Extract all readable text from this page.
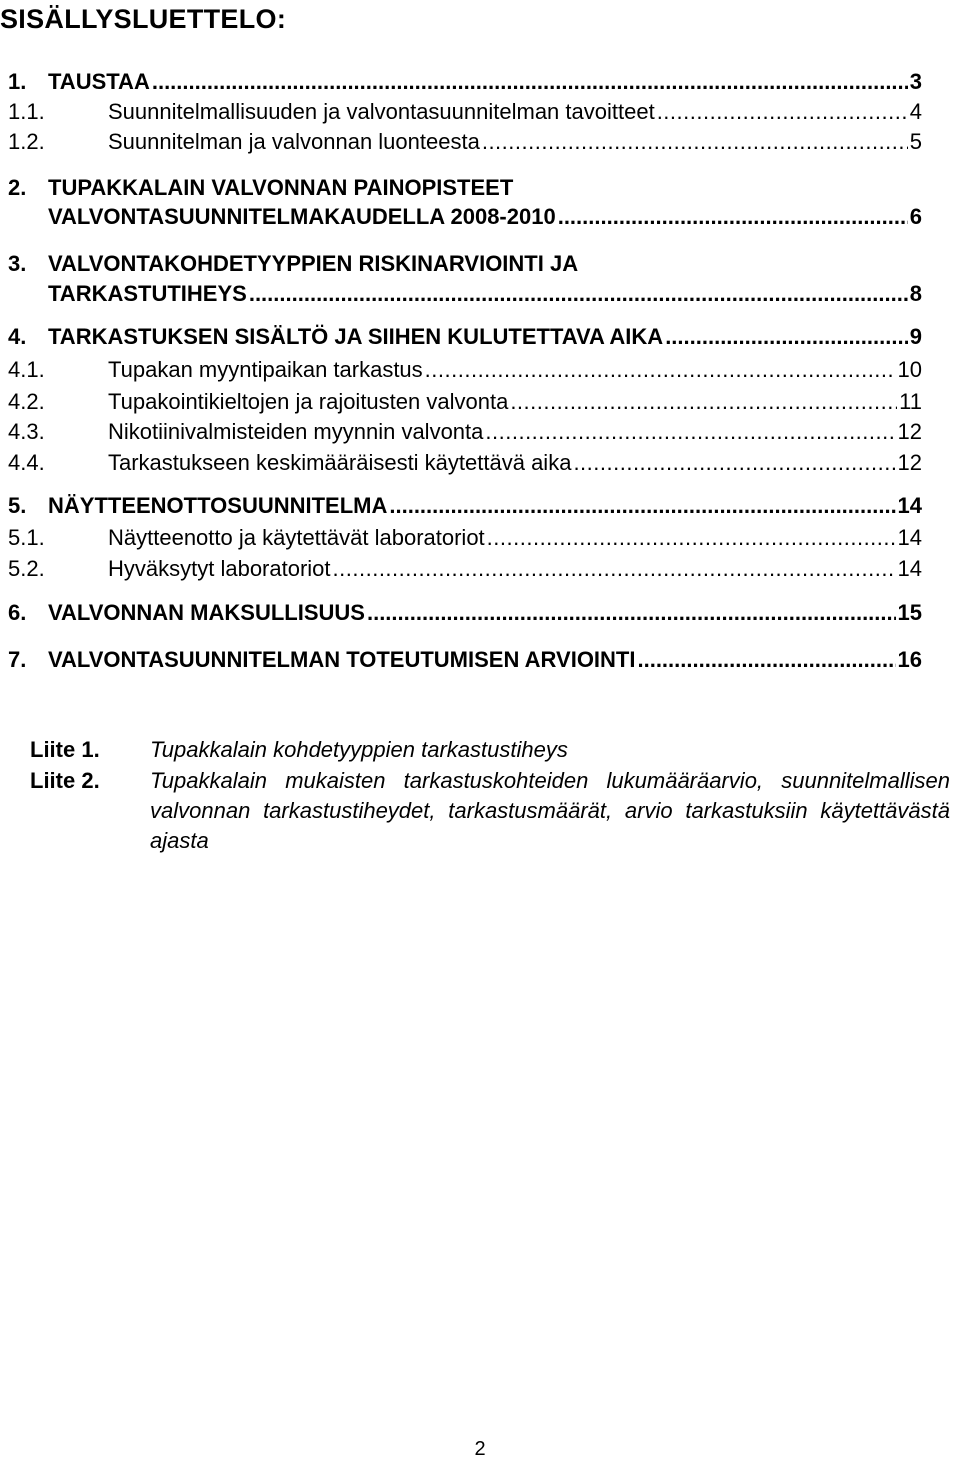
SISÄLLYSLUETTELO:
1. TAUSTAA .....	3
1.1.	Suunnitelmallisuuden ja valvontasuunnitelman tavoitteet .....	4
1.2.	Suunnitelman ja valvonnan luonteesta .....	5
2. TUPAKKALAIN VALVONNAN PAINOPISTEET
VALVONTASUUNNITELMAKAUDELLA 2008-2010 .....	6
3. VALVONTAKOHDETYYPPIEN RISKINARVIOINTI JA
TARKASTUTIHEYS .....	8
4. TARKASTUKSEN SISÄLTÖ JA SIIHEN KULUTETTAVA AIKA .....	9
4.1.	Tupakan myyntipaikan tarkastus .....	10
4.2.	Tupakointikieltojen ja rajoitusten valvonta .....	11
4.3.	Nikotiinivalmisteiden myynnin valvonta .....	12
4.4.	Tarkastukseen keskimääräisesti käytettävä aika .....	12
5. NÄYTTEENOTTOSUUNNITELMA .....	14
5.1.	Näytteenotto ja käytettävät laboratoriot .....	14
5.2.	Hyväksytyt laboratoriot .....	14
6. VALVONNAN MAKSULLISUUS .....	15
7. VALVONTASUUNNITELMAN TOTEUTUMISEN ARVIOINTI .....	16
Liite 1. Tupakkalain kohdetyyppien tarkastustiheys
Liite 2. Tupakkalain mukaisten tarkastuskohteiden lukumääräarvio, suunnitelmallisen valvonnan tarkastustiheydet, tarkastusmäärät, arvio tarkastuksiin käytettävästä ajasta
2
